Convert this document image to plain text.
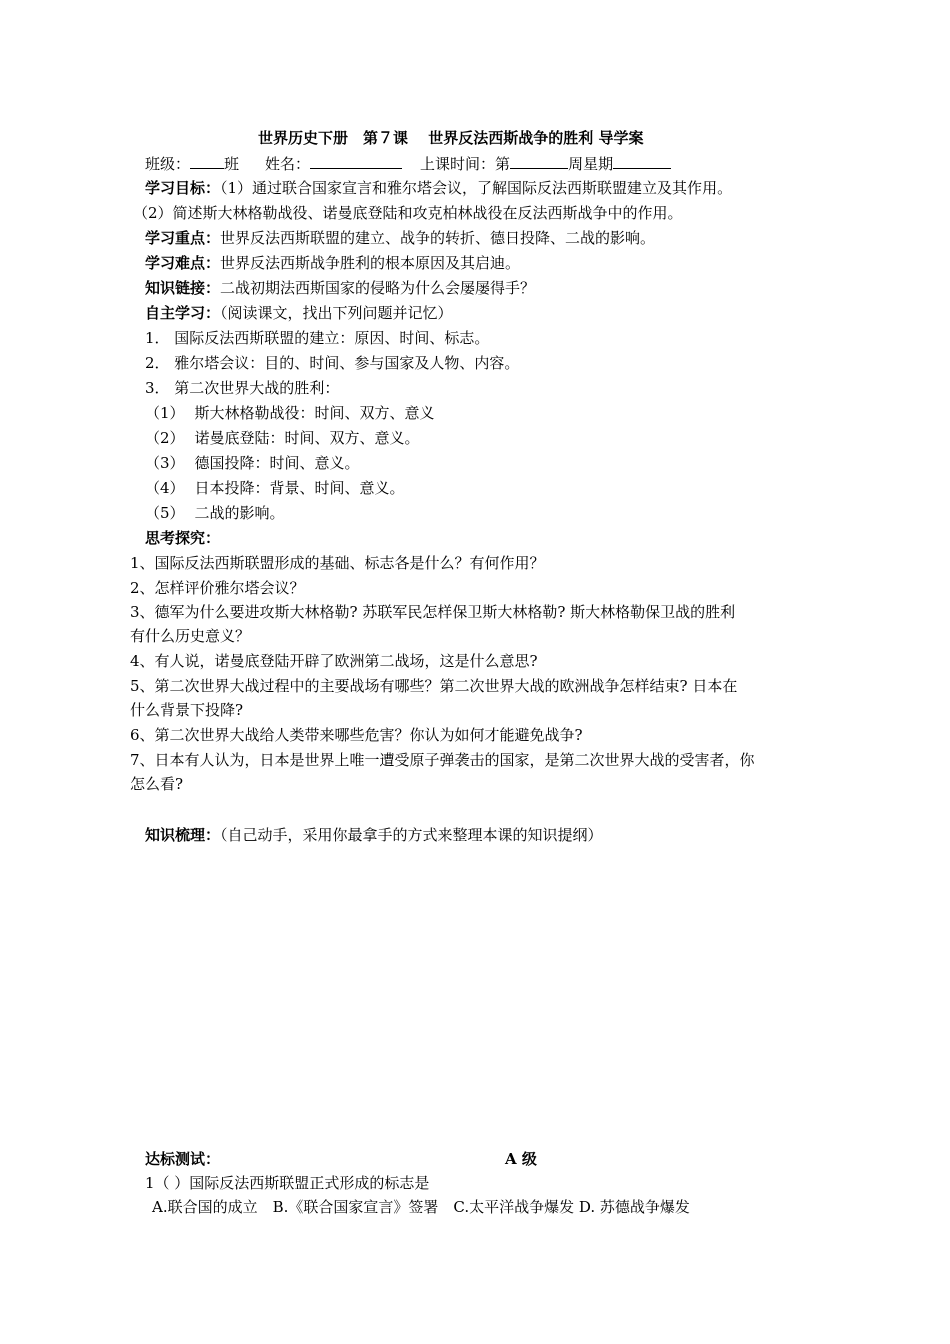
世界历史下册　第７课　 世界反法西斯战争的胜利 导学案
班级： 班 姓名：	上课时间：第	周星期
学习目标：（1）通过联合国家宣言和雅尔塔会议，了解国际反法西斯联盟建立及其作用。
（2）简述斯大林格勒战役、诺曼底登陆和攻克柏林战役在反法西斯战争中的作用。
学习重点：世界反法西斯联盟的建立、战争的转折、德日投降、二战的影响。
学习难点：世界反法西斯战争胜利的根本原因及其启迪。
知识链接：二战初期法西斯国家的侵略为什么会屡屡得手？
自主学习：（阅读课文，找出下列问题并记忆）
1． 国际反法西斯联盟的建立：原因、时间、标志。
2． 雅尔塔会议：目的、时间、参与国家及人物、内容。
3． 第二次世界大战的胜利：
（1） 斯大林格勒战役：时间、双方、意义
（2） 诺曼底登陆：时间、双方、意义。
（3） 德国投降：时间、意义。
（4） 日本投降：背景、时间、意义。
（5） 二战的影响。
思考探究：
1、国际反法西斯联盟形成的基础、标志各是什么？有何作用？
2、怎样评价雅尔塔会议？
3、德军为什么要进攻斯大林格勒? 苏联军民怎样保卫斯大林格勒? 斯大林格勒保卫战的胜利
有什么历史意义？
4、有人说，诺曼底登陆开辟了欧洲第二战场，这是什么意思?
5、第二次世界大战过程中的主要战场有哪些？第二次世界大战的欧洲战争怎样结束? 日本在
什么背景下投降?
6、第二次世界大战给人类带来哪些危害？你认为如何才能避免战争?
7、日本有人认为，日本是世界上唯一遭受原子弹袭击的国家，是第二次世界大战的受害者，你
怎么看?
知识梳理：（自己动手，采用你最拿手的方式来整理本课的知识提纲）
达标测试：	A 级
1（ ）国际反法西斯联盟正式形成的标志是
A.联合国的成立　B.《联合国家宣言》签署　C.太平洋战争爆发 D. 苏德战争爆发
